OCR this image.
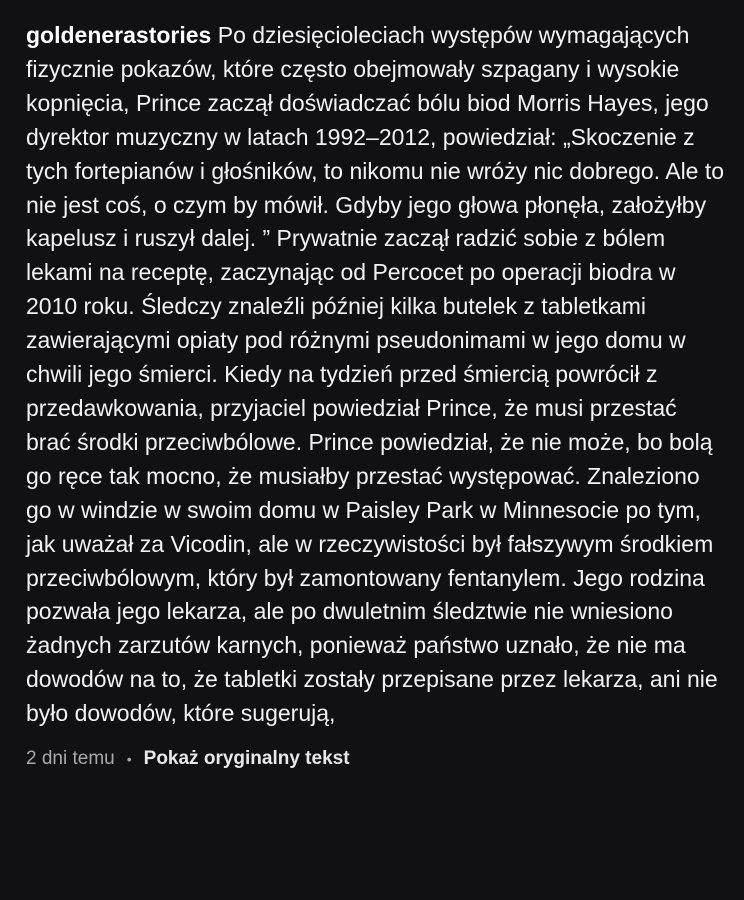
goldenerastories Po dziesięcioleciach występów wymagających fizycznie pokazów, które często obejmowały szpagany i wysokie kopnięcia, Prince zaczął doświadczać bólu biod Morris Hayes, jego dyrektor muzyczny w latach 1992–2012, powiedział: „Skoczenie z tych fortepianów i głośników, to nikomu nie wróży nic dobrego. Ale to nie jest coś, o czym by mówił. Gdyby jego głowa płonęła, założyłby kapelusz i ruszył dalej. ” Prywatnie zaczął radzić sobie z bólem lekami na receptę, zaczynając od Percocet po operacji biodra w 2010 roku. Śledczy znaleźli później kilka butelek z tabletkami zawierającymi opiaty pod różnymi pseudonimami w jego domu w chwili jego śmierci. Kiedy na tydzień przed śmiercią powrócił z przedawkowania, przyjaciel powiedział Prince, że musi przestać brać środki przeciwbólowe. Prince powiedział, że nie może, bo bolą go ręce tak mocno, że musiałby przestać występować. Znaleziono go w windzie w swoim domu w Paisley Park w Minnesocie po tym, jak uważał za Vicodin, ale w rzeczywistości był fałszywym środkiem przeciwbólowym, który był zamontowany fentanylem. Jego rodzina pozwała jego lekarza, ale po dwuletnim śledztwie nie wniesiono żadnych zarzutów karnych, ponieważ państwo uznało, że nie ma dowodów na to, że tabletki zostały przepisane przez lekarza, ani nie było dowodów, które sugerują,
2 dni temu • Pokaż oryginalny tekst
